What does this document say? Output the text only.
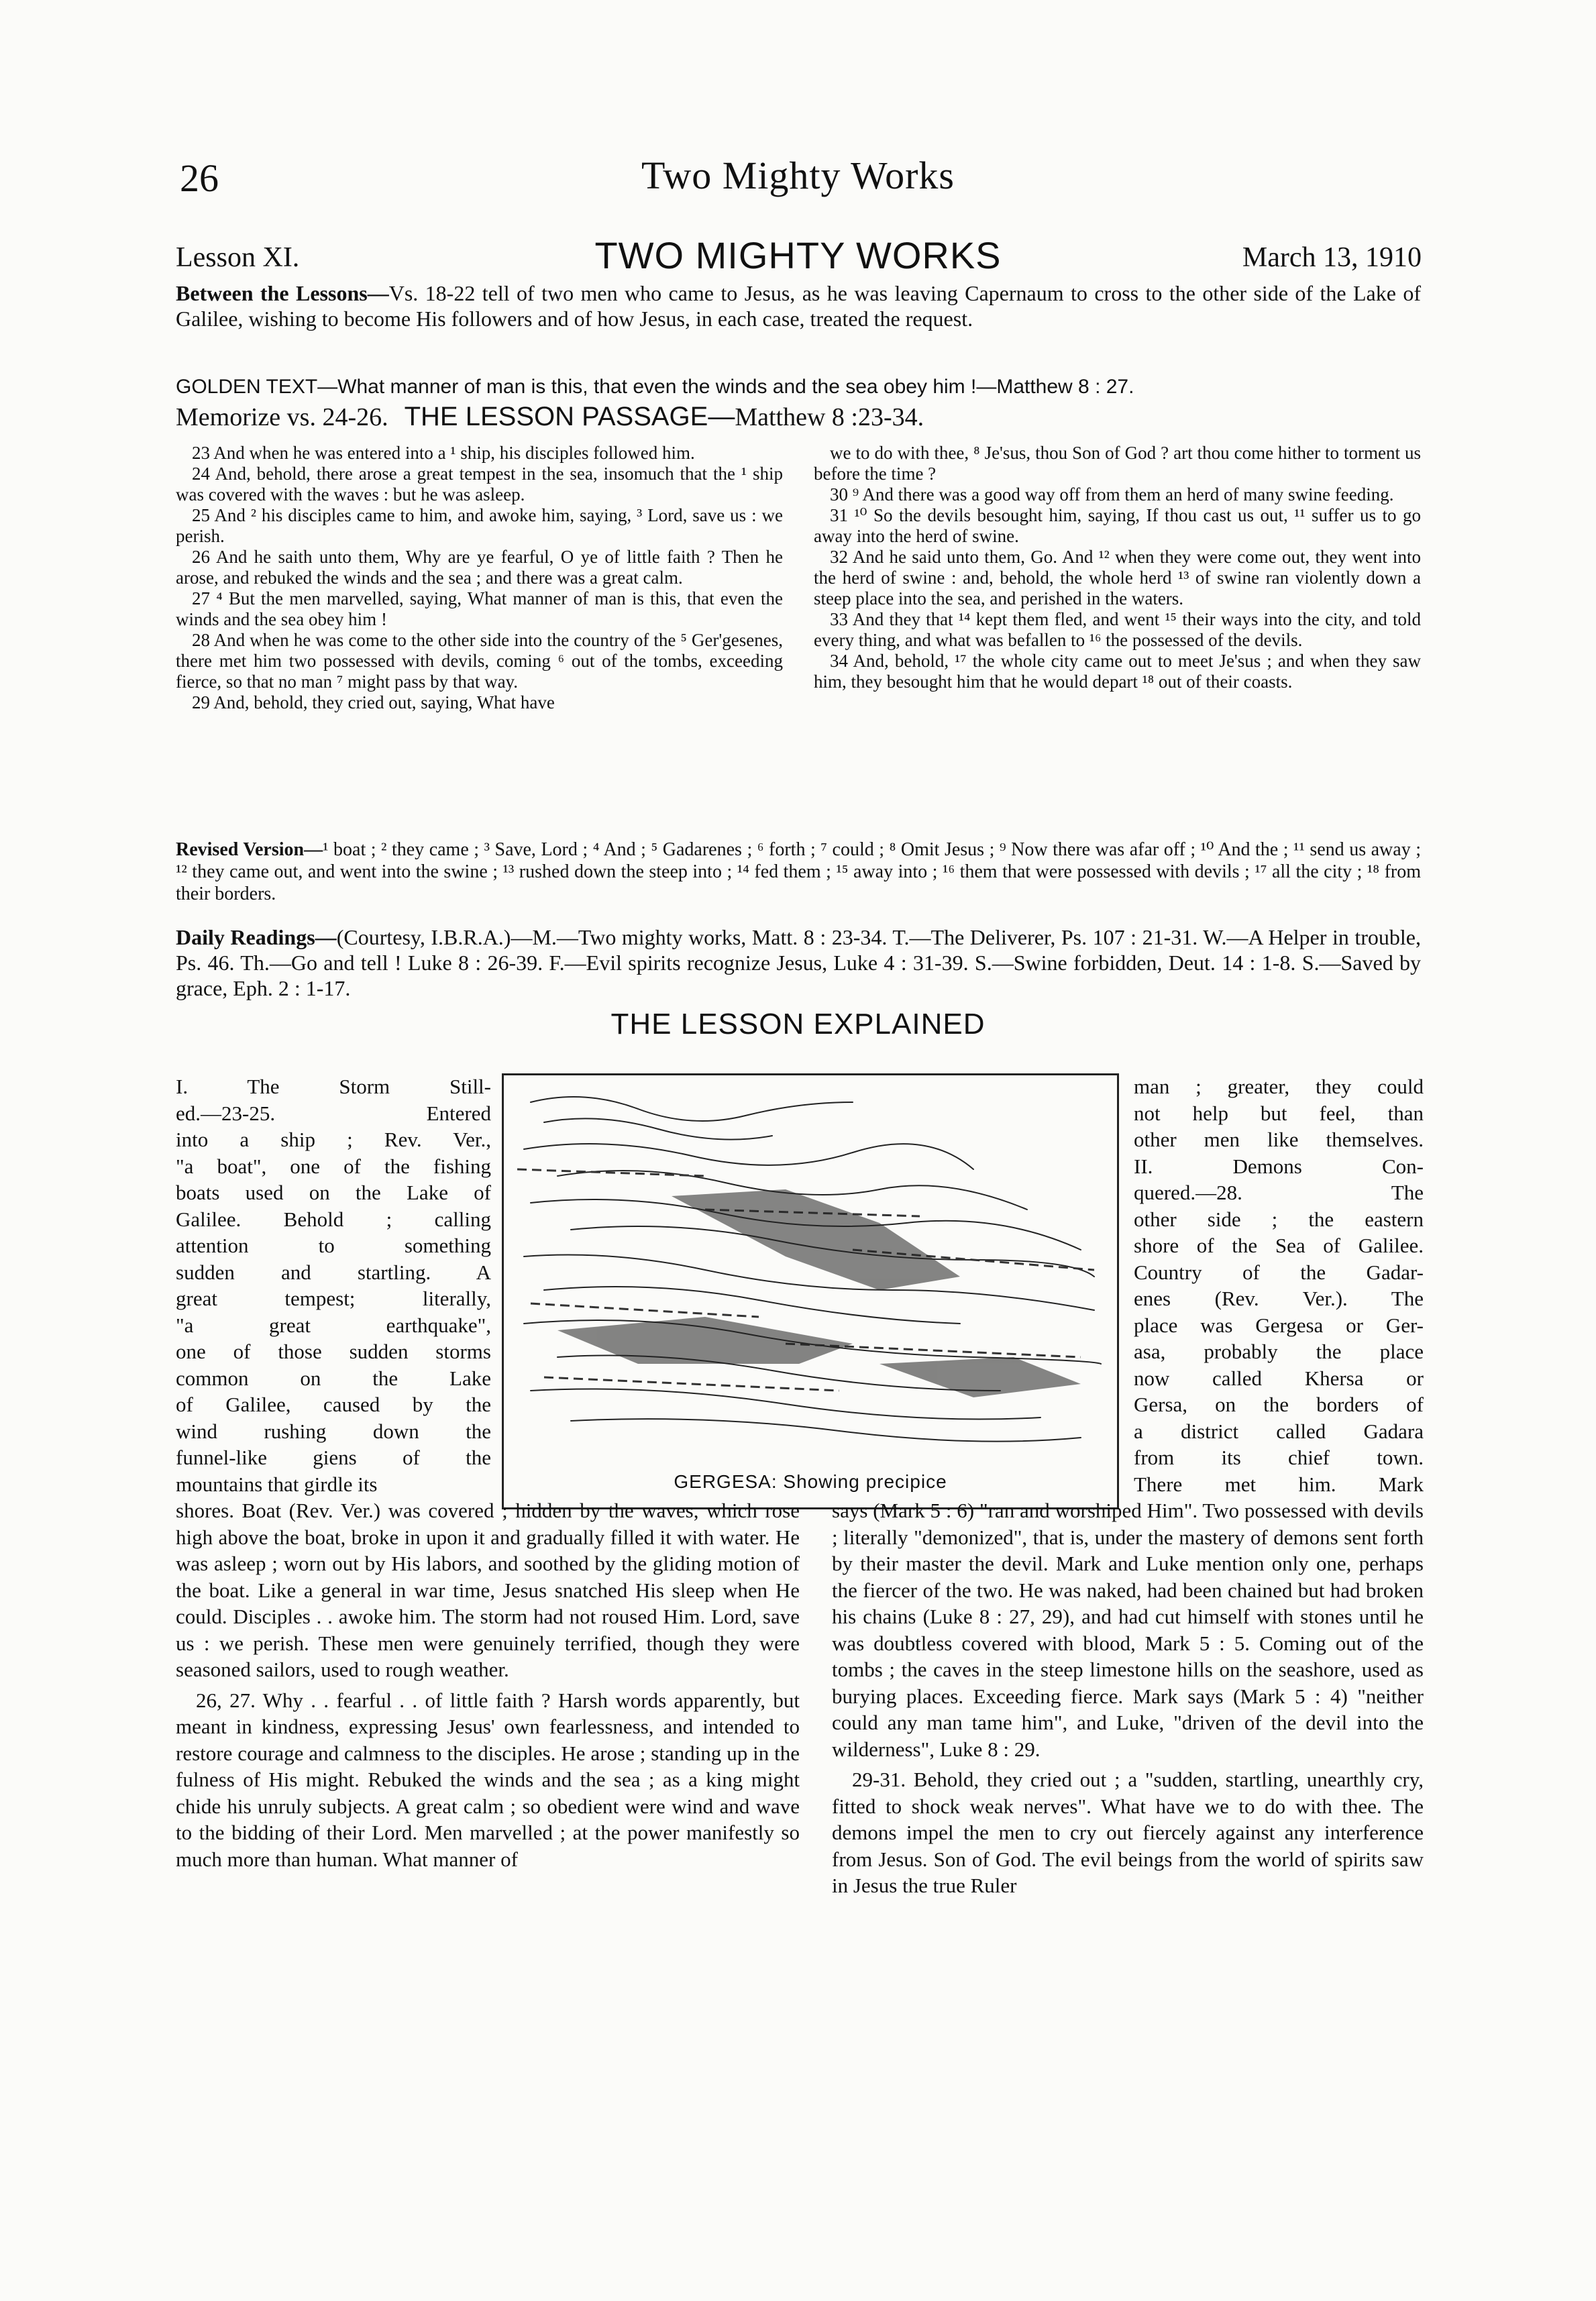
26	Two Mighty Works
Lesson XI.	TWO MIGHTY WORKS	March 13, 1910
Between the Lessons—Vs. 18-22 tell of two men who came to Jesus, as he was leaving Capernaum to cross to the other side of the Lake of Galilee, wishing to become His followers and of how Jesus, in each case, treated the request.
GOLDEN TEXT—What manner of man is this, that even the winds and the sea obey him !—Matthew 8 : 27.
Memorize vs. 24-26. THE LESSON PASSAGE—Matthew 8 :23-34.

23 And when he was entered into a ¹ ship, his disciples followed him.

24 And, behold, there arose a great tempest in the sea, insomuch that the ¹ ship was covered with the waves : but he was asleep.

25 And ² his disciples came to him, and awoke him, saying, ³ Lord, save us : we perish.

26 And he saith unto them, Why are ye fearful, O ye of little faith ? Then he arose, and rebuked the winds and the sea ; and there was a great calm.

27 ⁴ But the men marvelled, saying, What manner of man is this, that even the winds and the sea obey him !

28 And when he was come to the other side into the country of the ⁵ Ger'gesenes, there met him two possessed with devils, coming ⁶ out of the tombs, exceeding fierce, so that no man ⁷ might pass by that way.

29 And, behold, they cried out, saying, What have

we to do with thee, ⁸ Je'sus, thou Son of God ? art thou come hither to torment us before the time ?

30 ⁹ And there was a good way off from them an herd of many swine feeding.

31 ¹⁰ So the devils besought him, saying, If thou cast us out, ¹¹ suffer us to go away into the herd of swine.

32 And he said unto them, Go. And ¹² when they were come out, they went into the herd of swine : and, behold, the whole herd ¹³ of swine ran violently down a steep place into the sea, and perished in the waters.

33 And they that ¹⁴ kept them fled, and went ¹⁵ their ways into the city, and told every thing, and what was befallen to ¹⁶ the possessed of the devils.

34 And, behold, ¹⁷ the whole city came out to meet Je'sus ; and when they saw him, they besought him that he would depart ¹⁸ out of their coasts.

Revised Version—¹ boat ; ² they came ; ³ Save, Lord ; ⁴ And ; ⁵ Gadarenes ; ⁶ forth ; ⁷ could ; ⁸ Omit Jesus ; ⁹ Now there was afar off ; ¹⁰ And the ; ¹¹ send us away ; ¹² they came out, and went into the swine ; ¹³ rushed down the steep into ; ¹⁴ fed them ; ¹⁵ away into ; ¹⁶ them that were possessed with devils ; ¹⁷ all the city ; ¹⁸ from their borders.
Daily Readings—(Courtesy, I.B.R.A.)—M.—Two mighty works, Matt. 8 : 23-34. T.—The Deliverer, Ps. 107 : 21-31. W.—A Helper in trouble, Ps. 46. Th.—Go and tell ! Luke 8 : 26-39. F.—Evil spirits recognize Jesus, Luke 4 : 31-39. S.—Swine forbidden, Deut. 14 : 1-8. S.—Saved by grace, Eph. 2 : 1-17.
THE LESSON EXPLAINED
GERGESA: Showing precipice

I. The Storm Still-

ed.—23-25. Entered

into a ship ; Rev. Ver.,

"a boat", one of the fishing

boats used on the Lake of

Galilee. Behold ; calling

attention to something

sudden and startling. A

great tempest; literally,

"a great earthquake",

one of those sudden storms

common on the Lake

of Galilee, caused by the

wind rushing down the

funnel-like giens of the

mountains that girdle its

shores. Boat (Rev. Ver.) was covered ; hidden by the waves, which rose high above the boat, broke in upon it and gradually filled it with water. He was asleep ; worn out by His labors, and soothed by the gliding motion of the boat. Like a general in war time, Jesus snatched His sleep when He could. Disciples . . awoke him. The storm had not roused Him. Lord, save us : we perish. These men were genuinely terrified, though they were seasoned sailors, used to rough weather.

26, 27. Why . . fearful . . of little faith ? Harsh words apparently, but meant in kindness, expressing Jesus' own fearlessness, and intended to restore courage and calmness to the disciples. He arose ; standing up in the fulness of His might. Rebuked the winds and the sea ; as a king might chide his unruly subjects. A great calm ; so obedient were wind and wave to the bidding of their Lord. Men marvelled ; at the power manifestly so much more than human. What manner of

man ; greater, they could

not help but feel, than

other men like themselves.

II. Demons Con-

quered.—28. The

other side ; the eastern

shore of the Sea of Galilee.

Country of the Gadar-

enes (Rev. Ver.). The

place was Gergesa or Ger-

asa, probably the place

now called Khersa or

Gersa, on the borders of

a district called Gadara

from its chief town.

There met him. Mark

says (Mark 5 : 6) "ran and worshiped Him". Two possessed with devils ; literally "demonized", that is, under the mastery of demons sent forth by their master the devil. Mark and Luke mention only one, perhaps the fiercer of the two. He was naked, had been chained but had broken his chains (Luke 8 : 27, 29), and had cut himself with stones until he was doubtless covered with blood, Mark 5 : 5. Coming out of the tombs ; the caves in the steep limestone hills on the seashore, used as burying places. Exceeding fierce. Mark says (Mark 5 : 4) "neither could any man tame him", and Luke, "driven of the devil into the wilderness", Luke 8 : 29.

29-31. Behold, they cried out ; a "sudden, startling, unearthly cry, fitted to shock weak nerves". What have we to do with thee. The demons impel the men to cry out fiercely against any interference from Jesus. Son of God. The evil beings from the world of spirits saw in Jesus the true Ruler
